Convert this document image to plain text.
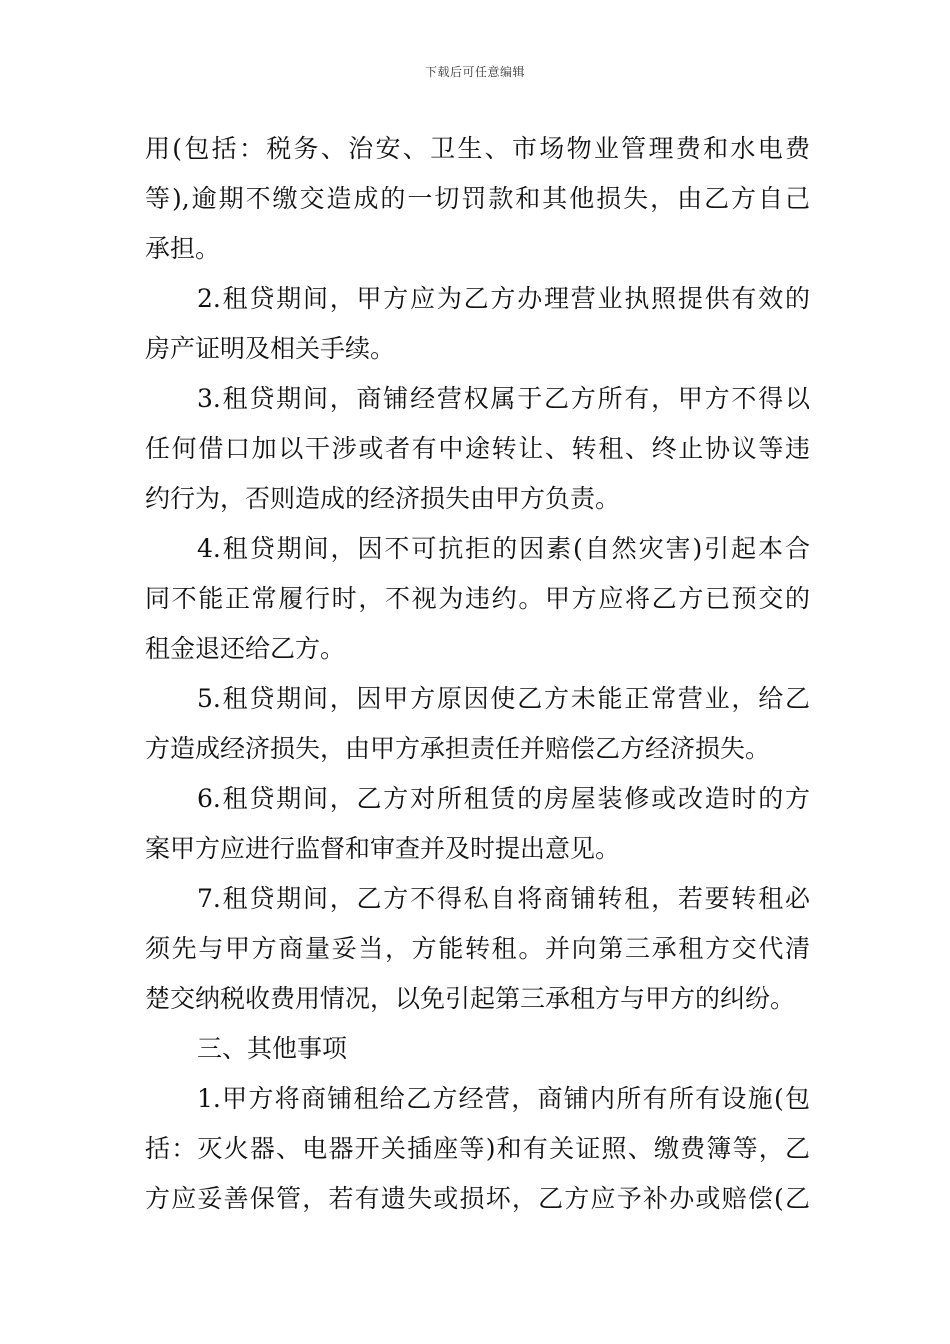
下载后可任意编辑
用(包括：税务、治安、卫生、市场物业管理费和水电费
等),逾期不缴交造成的一切罚款和其他损失，由乙方自己
承担。
2.租贷期间，甲方应为乙方办理营业执照提供有效的
房产证明及相关手续。
3.租贷期间，商铺经营权属于乙方所有，甲方不得以
任何借口加以干涉或者有中途转让、转租、终止协议等违
约行为，否则造成的经济损失由甲方负责。
4.租贷期间，因不可抗拒的因素(自然灾害)引起本合
同不能正常履行时，不视为违约。甲方应将乙方已预交的
租金退还给乙方。
5.租贷期间，因甲方原因使乙方未能正常营业，给乙
方造成经济损失，由甲方承担责任并赔偿乙方经济损失。
6.租贷期间，乙方对所租赁的房屋装修或改造时的方
案甲方应进行监督和审查并及时提出意见。
7.租贷期间，乙方不得私自将商铺转租，若要转租必
须先与甲方商量妥当，方能转租。并向第三承租方交代清
楚交纳税收费用情况，以免引起第三承租方与甲方的纠纷。
三、其他事项
1.甲方将商铺租给乙方经营，商铺内所有所有设施(包
括：灭火器、电器开关插座等)和有关证照、缴费簿等，乙
方应妥善保管，若有遗失或损坏，乙方应予补办或赔偿(乙
